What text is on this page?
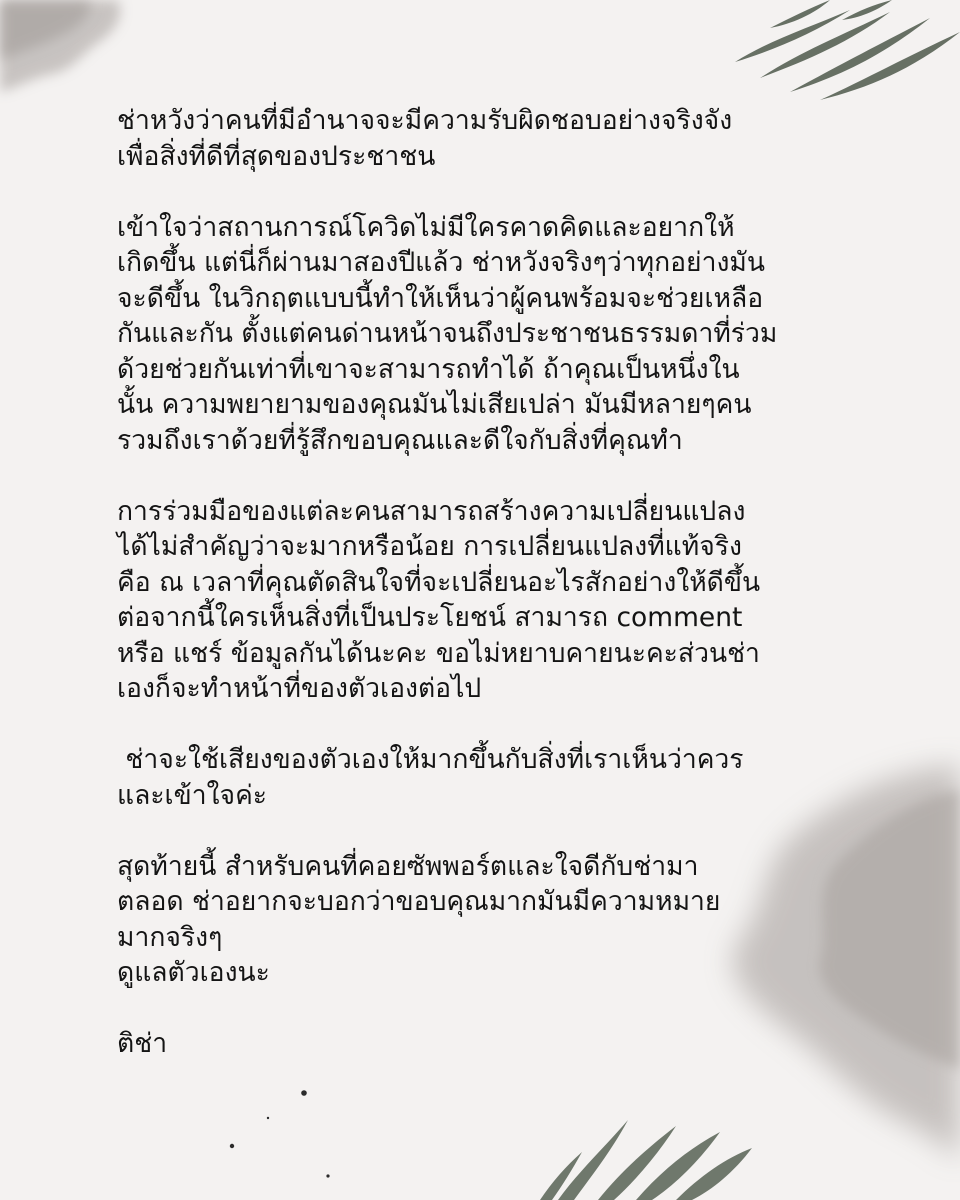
ช่าหวังว่าคนที่มีอำนาจจะมีความรับผิดชอบอย่างจริงจัง
เพื่อสิ่งที่ดีที่สุดของประชาชน
เข้าใจว่าสถานการณ์โควิดไม่มีใครคาดคิดและอยากให้
เกิดขึ้น แต่นี่ก็ผ่านมาสองปีแล้ว ช่าหวังจริงๆว่าทุกอย่างมัน
จะดีขึ้น ในวิกฤตแบบนี้ทำให้เห็นว่าผู้คนพร้อมจะช่วยเหลือ
กันและกัน ตั้งแต่คนด่านหน้าจนถึงประชาชนธรรมดาที่ร่วม
ด้วยช่วยกันเท่าที่เขาจะสามารถทำได้ ถ้าคุณเป็นหนึ่งใน
นั้น ความพยายามของคุณมันไม่เสียเปล่า มันมีหลายๆคน
รวมถึงเราด้วยที่รู้สึกขอบคุณและดีใจกับสิ่งที่คุณทำ
การร่วมมือของแต่ละคนสามารถสร้างความเปลี่ยนแปลง
ได้ไม่สำคัญว่าจะมากหรือน้อย การเปลี่ยนแปลงที่แท้จริง
คือ ณ เวลาที่คุณตัดสินใจที่จะเปลี่ยนอะไรสักอย่างให้ดีขึ้น
ต่อจากนี้ใครเห็นสิ่งที่เป็นประโยชน์ สามารถ comment
หรือ แชร์ ข้อมูลกันได้นะคะ ขอไม่หยาบคายนะคะส่วนช่า
เองก็จะทำหน้าที่ของตัวเองต่อไป
ช่าจะใช้เสียงของตัวเองให้มากขึ้นกับสิ่งที่เราเห็นว่าควร
และเข้าใจค่ะ
สุดท้ายนี้ สำหรับคนที่คอยซัพพอร์ตและใจดีกับช่ามา
ตลอด ช่าอยากจะบอกว่าขอบคุณมากมันมีความหมาย
มากจริงๆ
ดูแลตัวเองนะ
ติช่า
